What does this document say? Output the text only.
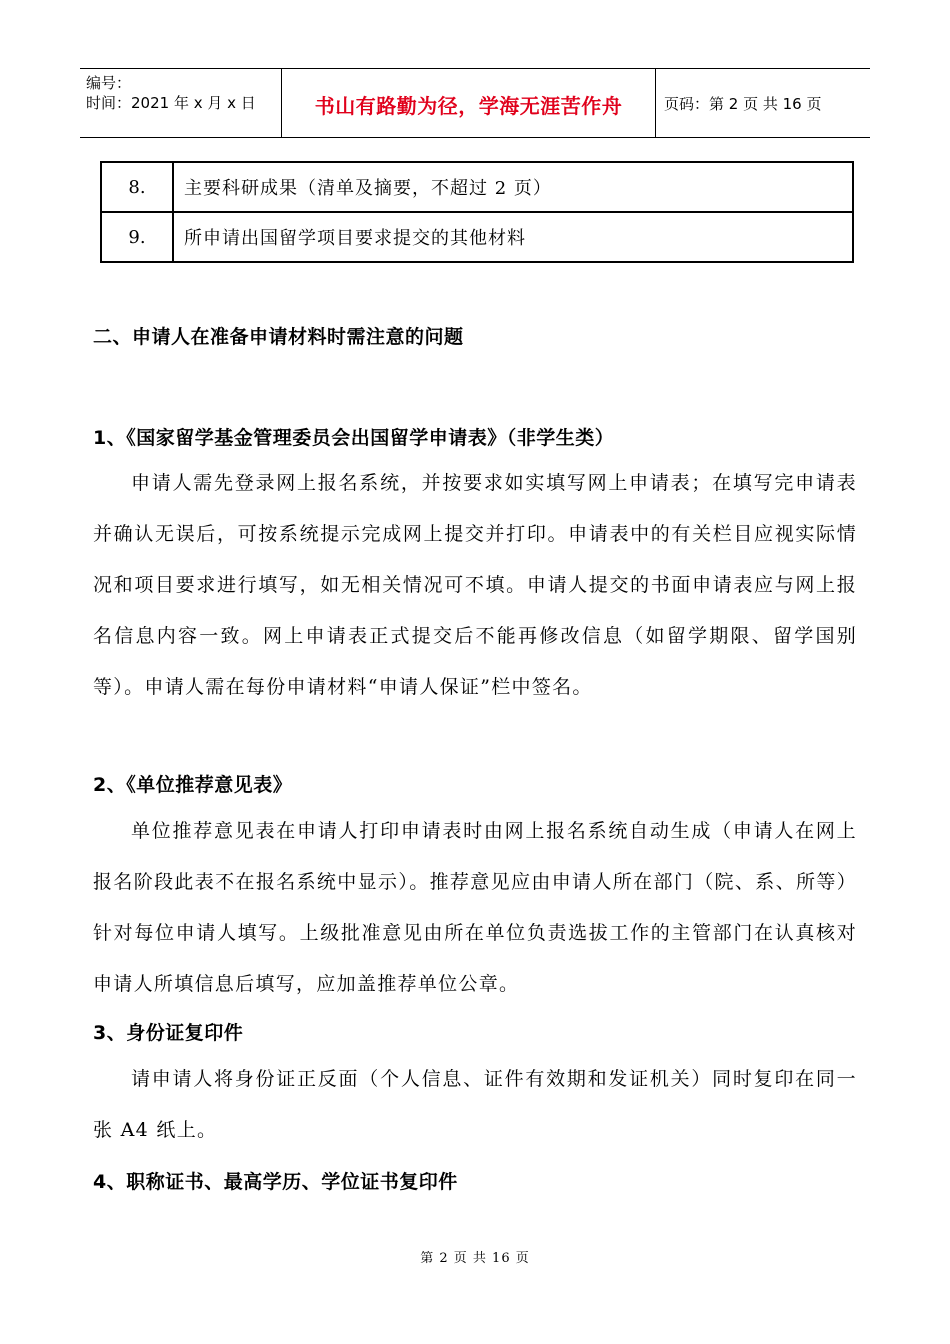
编号：
时间：2021 年 x 月 x 日	书山有路勤为径，学海无涯苦作舟	页码：第 2 页 共 16 页
8.	主要科研成果（清单及摘要，不超过 2 页）
9.	所申请出国留学项目要求提交的其他材料
二、申请人在准备申请材料时需注意的问题
1、《国家留学基金管理委员会出国留学申请表》（非学生类）
申请人需先登录网上报名系统，并按要求如实填写网上申请表；在填写完申请表并确认无误后，可按系统提示完成网上提交并打印。申请表中的有关栏目应视实际情况和项目要求进行填写，如无相关情况可不填。申请人提交的书面申请表应与网上报名信息内容一致。网上申请表正式提交后不能再修改信息（如留学期限、留学国别等）。申请人需在每份申请材料“申请人保证”栏中签名。
2、《单位推荐意见表》
单位推荐意见表在申请人打印申请表时由网上报名系统自动生成（申请人在网上报名阶段此表不在报名系统中显示）。推荐意见应由申请人所在部门（院、系、所等）针对每位申请人填写。上级批准意见由所在单位负责选拔工作的主管部门在认真核对申请人所填信息后填写，应加盖推荐单位公章。
3、身份证复印件
请申请人将身份证正反面（个人信息、证件有效期和发证机关）同时复印在同一张 A4 纸上。
4、职称证书、最高学历、学位证书复印件
第 2 页 共 16 页
